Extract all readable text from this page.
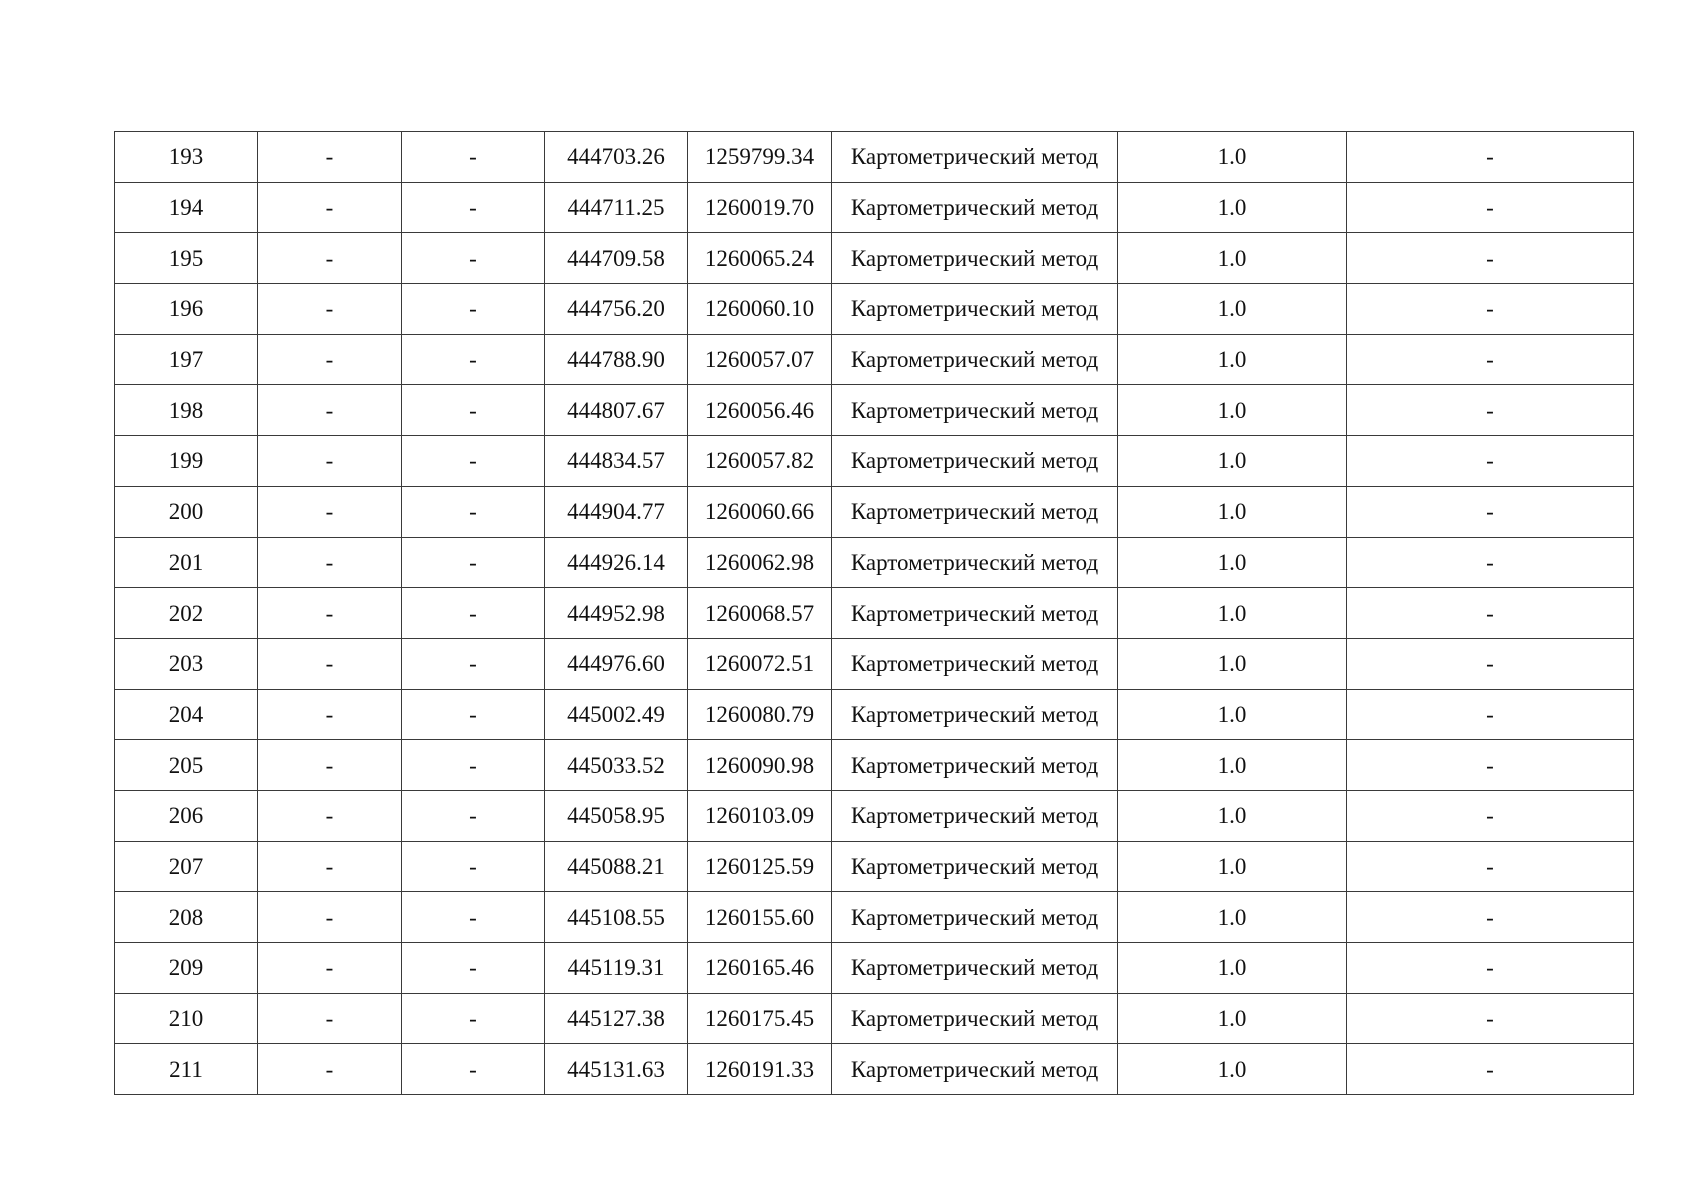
193	-	-	444703.26	1259799.34	Картометрический метод	1.0	-
194	-	-	444711.25	1260019.70	Картометрический метод	1.0	-
195	-	-	444709.58	1260065.24	Картометрический метод	1.0	-
196	-	-	444756.20	1260060.10	Картометрический метод	1.0	-
197	-	-	444788.90	1260057.07	Картометрический метод	1.0	-
198	-	-	444807.67	1260056.46	Картометрический метод	1.0	-
199	-	-	444834.57	1260057.82	Картометрический метод	1.0	-
200	-	-	444904.77	1260060.66	Картометрический метод	1.0	-
201	-	-	444926.14	1260062.98	Картометрический метод	1.0	-
202	-	-	444952.98	1260068.57	Картометрический метод	1.0	-
203	-	-	444976.60	1260072.51	Картометрический метод	1.0	-
204	-	-	445002.49	1260080.79	Картометрический метод	1.0	-
205	-	-	445033.52	1260090.98	Картометрический метод	1.0	-
206	-	-	445058.95	1260103.09	Картометрический метод	1.0	-
207	-	-	445088.21	1260125.59	Картометрический метод	1.0	-
208	-	-	445108.55	1260155.60	Картометрический метод	1.0	-
209	-	-	445119.31	1260165.46	Картометрический метод	1.0	-
210	-	-	445127.38	1260175.45	Картометрический метод	1.0	-
211	-	-	445131.63	1260191.33	Картометрический метод	1.0	-
